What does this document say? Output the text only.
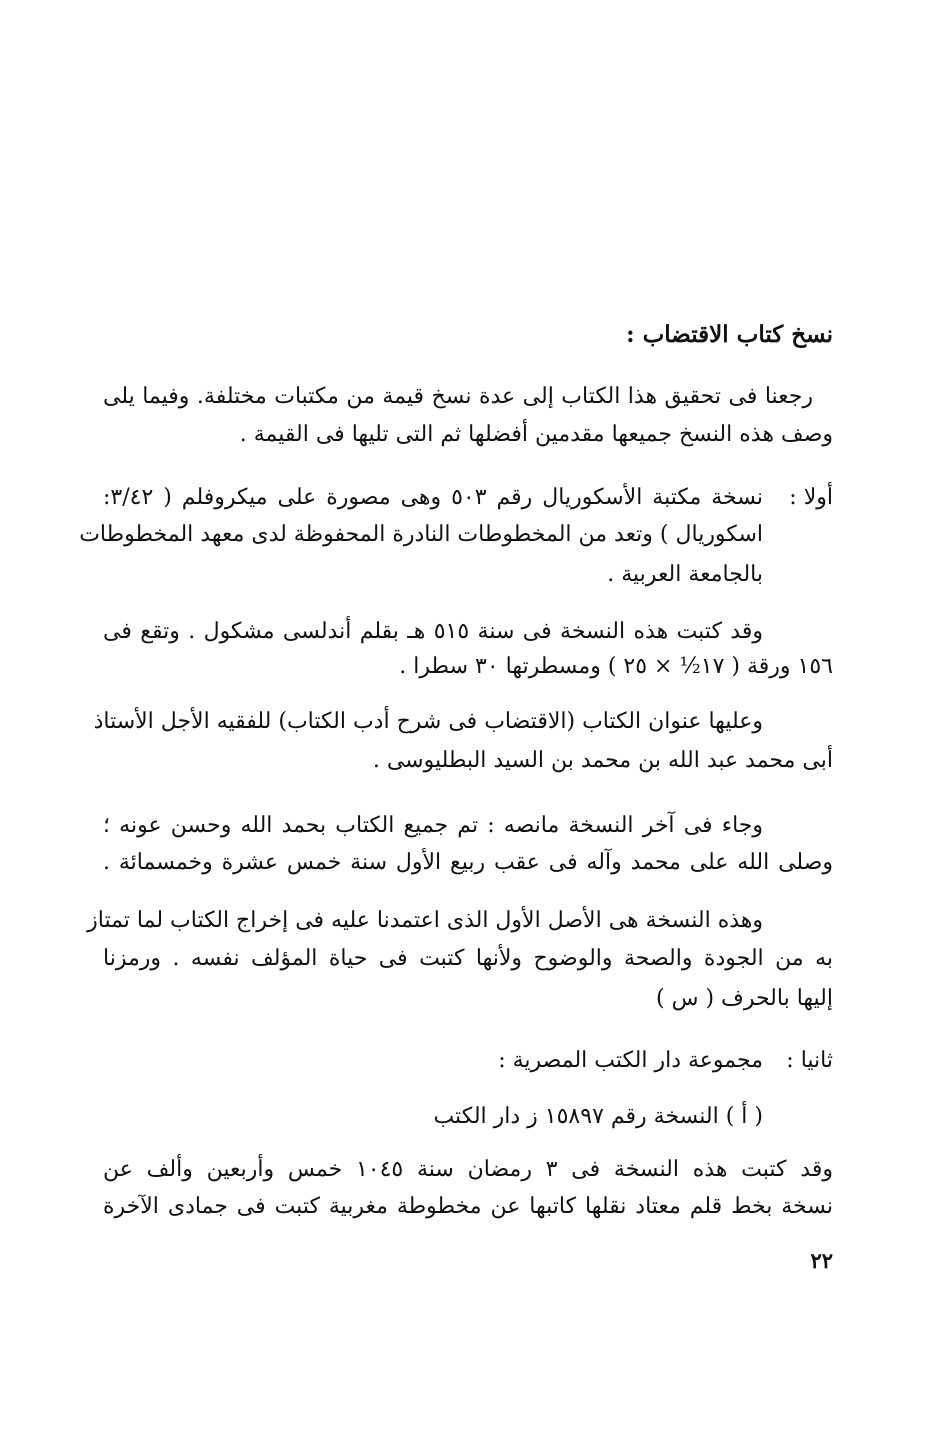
نسخ كتاب الاقتضاب :
رجعنا فى تحقيق هذا الكتاب إلى عدة نسخ قيمة من مكتبات مختلفة. وفيما يلى
وصف هذه النسخ جميعها مقدمين أفضلها ثم التى تليها فى القيمة .
أولا :
نسخة مكتبة الأسكوريال رقم ٥٠٣ وهى مصورة على ميكروفلم ( ٣/٤٢:
اسكوريال ) وتعد من المخطوطات النادرة المحفوظة لدى معهد المخطوطات
بالجامعة العربية .
وقد كتبت هذه النسخة فى سنة ٥١٥ هـ بقلم أندلسى مشكول . وتقع فى
١٥٦ ورقة ( ١٧½ × ٢٥ ) ومسطرتها ٣٠ سطرا .
وعليها عنوان الكتاب (الاقتضاب فى شرح أدب الكتاب) للفقيه الأجل الأستاذ
أبى محمد عبد الله بن محمد بن السيد البطليوسى .
وجاء فى آخر النسخة مانصه : تم جميع الكتاب بحمد الله وحسن عونه ؛
وصلى الله على محمد وآله فى عقب ربيع الأول سنة خمس عشرة وخمسمائة .
وهذه النسخة هى الأصل الأول الذى اعتمدنا عليه فى إخراج الكتاب لما تمتاز
به من الجودة والصحة والوضوح ولأنها كتبت فى حياة المؤلف نفسه . ورمزنا
إليها بالحرف ( س )
ثانيا :
مجموعة دار الكتب المصرية :
( أ ) النسخة رقم ١٥٨٩٧ ز دار الكتب
وقد كتبت هذه النسخة فى ٣ رمضان سنة ١٠٤٥ خمس وأربعين وألف عن
نسخة بخط قلم معتاد نقلها كاتبها عن مخطوطة مغربية كتبت فى جمادى الآخرة
٢٢
